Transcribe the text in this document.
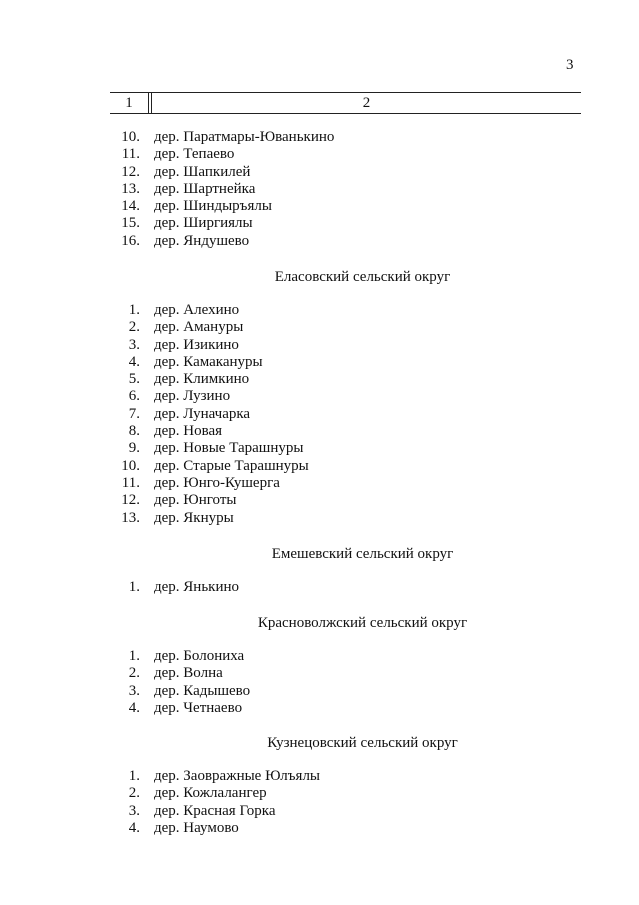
3
1	2
10. дер. Паратмары-Юванькино
11. дер. Тепаево
12. дер. Шапкилей
13. дер. Шартнейка
14. дер. Шиндыръялы
15. дер. Ширгиялы
16. дер. Яндушево
Еласовский сельский округ
1. дер. Алехино
2. дер. Амануры
3. дер. Изикино
4. дер. Камакануры
5. дер. Климкино
6. дер. Лузино
7. дер. Луначарка
8. дер. Новая
9. дер. Новые Тарашнуры
10. дер. Старые Тарашнуры
11. дер. Юнго-Кушерга
12. дер. Юнготы
13. дер. Якнуры
Емешевский сельский округ
1. дер. Янькино
Красноволжский сельский округ
1. дер. Болониха
2. дер. Волна
3. дер. Кадышево
4. дер. Четнаево
Кузнецовский сельский округ
1. дер. Заовражные Юлъялы
2. дер. Кожлалангер
3. дер. Красная Горка
4. дер. Наумово
